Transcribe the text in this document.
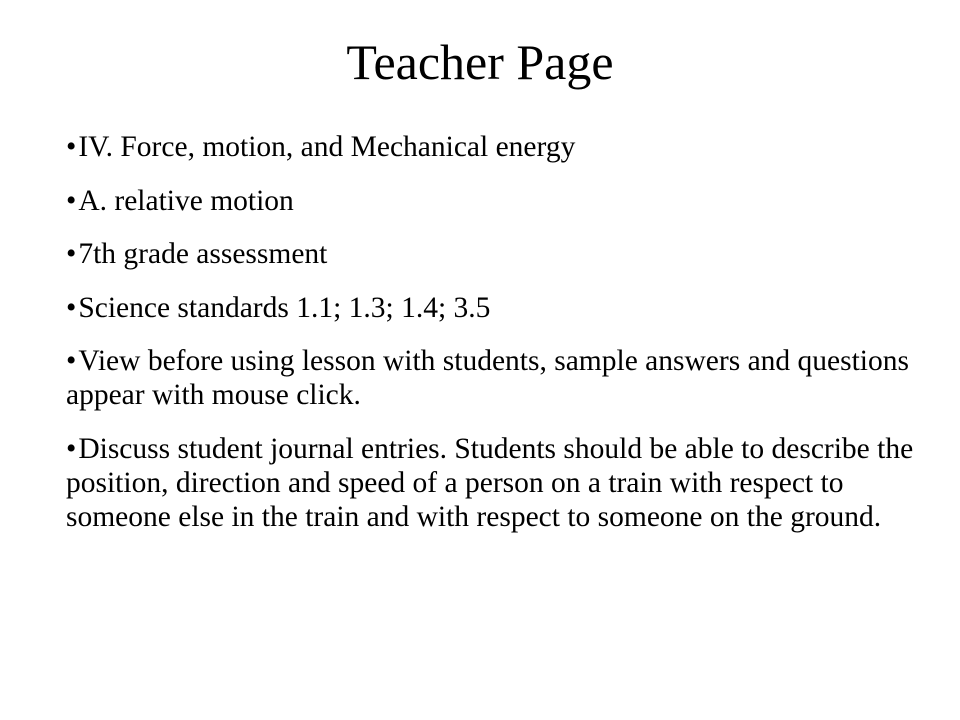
Teacher Page
•IV. Force, motion, and Mechanical energy
•A. relative motion
•7th grade assessment
•Science standards 1.1; 1.3; 1.4; 3.5
•View before using lesson with students, sample answers and questions appear with mouse click.
•Discuss student journal entries. Students should be able to describe the position, direction and speed of a person on a train with respect to someone else in the train and with respect to someone on the ground.
